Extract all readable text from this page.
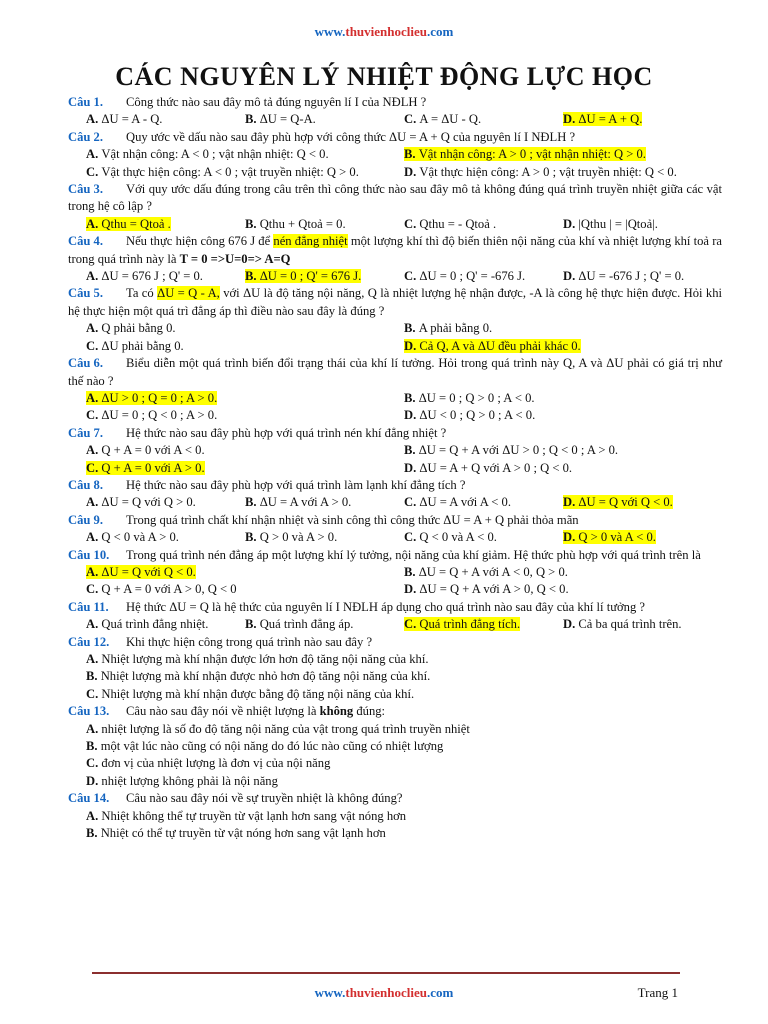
www.thuvienhoclieu.com
CÁC NGUYÊN LÝ NHIỆT ĐỘNG LỰC HỌC
Câu 1. Công thức nào sau đây mô tả đúng nguyên lí I của NĐLH ?
A. ΔU = A - Q.	B. ΔU = Q-A.	C. A = ΔU - Q.	D. ΔU = A + Q.
Câu 2. Quy ước về dấu nào sau đây phù hợp với công thức ΔU = A + Q của nguyên lí I NĐLH ?
A. Vật nhận công: A < 0 ; vật nhận nhiệt: Q < 0.	B. Vật nhận công: A > 0 ; vật nhận nhiệt: Q > 0.
C. Vật thực hiện công: A < 0 ; vật truyền nhiệt: Q > 0.	D. Vật thực hiện công: A > 0 ; vật truyền nhiệt: Q < 0.
Câu 3. Với quy ước dấu đúng trong câu trên thì công thức nào sau đây mô tả không đúng quá trình truyền nhiệt giữa các vật trong hệ cô lập ?
A. Qthu = Qtoả .	B. Qthu + Qtoả = 0.	C. Qthu = - Qtoả .	D. |Qthu | = |Qtoả|.
Câu 4. Nếu thực hiện công 676 J để nén đẳng nhiệt một lượng khí thì độ biến thiên nội năng của khí và nhiệt lượng khí toả ra trong quá trình này là T = 0 =>U=0=> A=Q
A. ΔU = 676 J ; Q' = 0.	B. ΔU = 0 ; Q' = 676 J.	C. ΔU = 0 ; Q' = -676 J.	D. ΔU = -676 J ; Q' = 0.
Câu 5. Ta có ΔU = Q - A, với ΔU là độ tăng nội năng, Q là nhiệt lượng hệ nhận được, -A là công hệ thực hiện được. Hỏi khi hệ thực hiện một quá trì đẳng áp thì điều nào sau đây là đúng ?
A. Q phải bằng 0.	B. A phải bằng 0.
C. ΔU phải bằng 0.	D. Cả Q, A và ΔU đều phải khác 0.
Câu 6. Biểu diễn một quá trình biến đổi trạng thái của khí lí tưởng. Hỏi trong quá trình này Q, A và ΔU phải có giá trị như thế nào ?
A. ΔU > 0 ; Q = 0 ; A > 0.	B. ΔU = 0 ; Q > 0 ; A < 0.
C. ΔU = 0 ; Q < 0 ; A > 0.	D. ΔU < 0 ; Q > 0 ; A < 0.
Câu 7. Hệ thức nào sau đây phù hợp với quá trình nén khí đẳng nhiệt ?
A. Q + A = 0 với A < 0.	B. ΔU = Q + A với ΔU > 0 ; Q < 0 ; A > 0.
C. Q + A = 0 với A > 0.	D. ΔU = A + Q với A > 0 ; Q < 0.
Câu 8. Hệ thức nào sau đây phù hợp với quá trình làm lạnh khí đẳng tích ?
A. ΔU = Q với Q > 0.	B. ΔU = A với A > 0.	C. ΔU = A với A < 0.	D. ΔU = Q với Q < 0.
Câu 9. Trong quá trình chất khí nhận nhiệt và sinh công thì công thức ΔU = A + Q phải thỏa mãn
A. Q < 0 và A > 0.	B. Q > 0 và A > 0.	C. Q < 0 và A < 0.	D. Q > 0 và A < 0.
Câu 10. Trong quá trình nén đẳng áp một lượng khí lý tưởng, nội năng của khí giảm. Hệ thức phù hợp với quá trình trên là
A. ΔU = Q với Q < 0.	B. ΔU = Q + A với A < 0, Q > 0.
C. Q + A = 0 với A > 0, Q < 0	D. ΔU = Q + A với A > 0, Q < 0.
Câu 11. Hệ thức ΔU = Q là hệ thức của nguyên lí I NĐLH áp dụng cho quá trình nào sau đây của khí lí tưởng ?
A. Quá trình đẳng nhiệt.	B. Quá trình đẳng áp.	C. Quá trình đẳng tích.	D. Cả ba quá trình trên.
Câu 12. Khi thực hiện công trong quá trình nào sau đây ?
A. Nhiệt lượng mà khí nhận được lớn hơn độ tăng nội năng của khí.
B. Nhiệt lượng mà khí nhận được nhỏ hơn độ tăng nội năng của khí.
C. Nhiệt lượng mà khí nhận được bằng độ tăng nội năng của khí.
Câu 13. Câu nào sau đây nói về nhiệt lượng là không đúng:
A. nhiệt lượng là số đo độ tăng nội năng của vật trong quá trình truyền nhiệt
B. một vật lúc nào cũng có nội năng do đó lúc nào cũng có nhiệt lượng
C. đơn vị của nhiệt lượng là đơn vị của nội năng
D. nhiệt lượng không phải là nội năng
Câu 14. Câu nào sau đây nói về sự truyền nhiệt là không đúng?
A. Nhiệt không thể tự truyền từ vật lạnh hơn sang vật nóng hơn
B. Nhiệt có thể tự truyền từ vật nóng hơn sang vật lạnh hơn
www.thuvienhoclieu.com	Trang 1
